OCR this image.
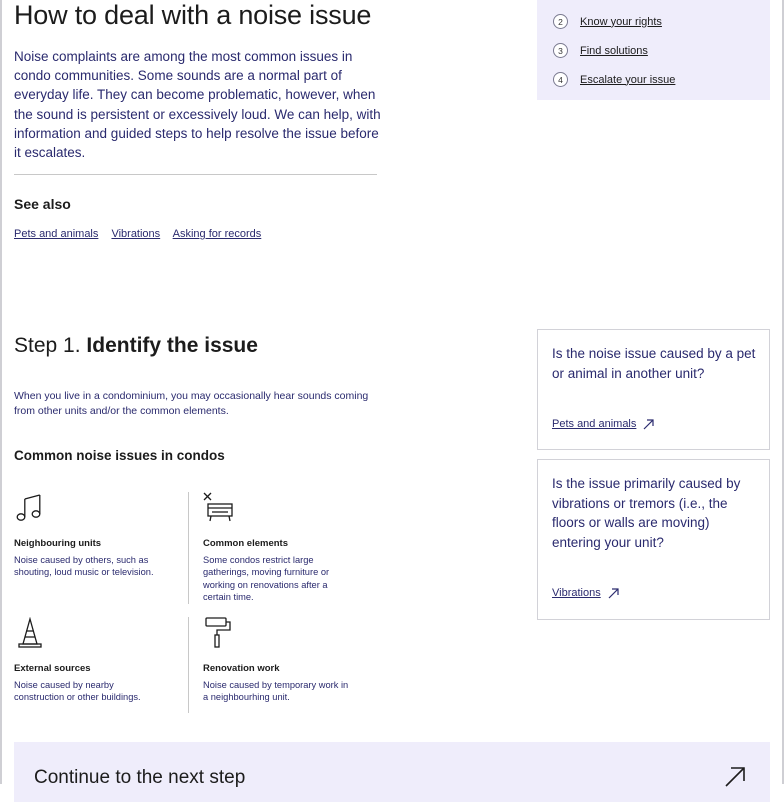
How to deal with a noise issue

Noise complaints are among the most common issues in condo communities. Some sounds are a normal part of everyday life. They can become problematic, however, when the sound is persistent or excessively loud. We can help, with information and guided steps to help resolve the issue before it escalates.

See also
Pets and animals Vibrations Asking for records
2	Know your rights
3	Find solutions
4	Escalate your issue
Step 1. Identify the issue

When you live in a condominium, you may occasionally hear sounds coming from other units and/or the common elements.

Common noise issues in condos
Neighbouring units
Noise caused by others, such as shouting, loud music or television.
Common elements
Some condos restrict large gatherings, moving furniture or working on renovations after a certain time.
External sources
Noise caused by nearby construction or other buildings.
Renovation work
Noise caused by temporary work in a neighbourhing unit.

Is the noise issue caused by a pet or animal in another unit?

Pets and animals

Is the issue primarily caused by vibrations or tremors (i.e., the floors or walls are moving) entering your unit?

Vibrations
Continue to the next step
